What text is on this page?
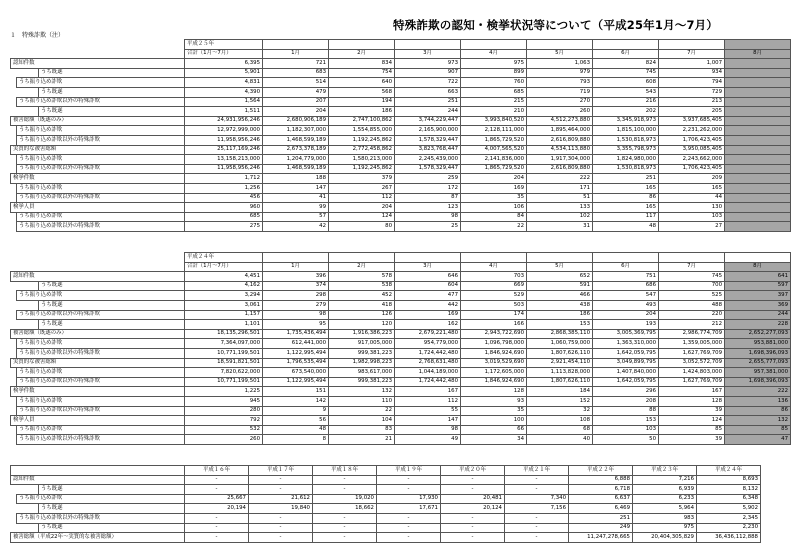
特殊詐欺の認知・検挙状況等について（平成25年1月～7月）
１　特殊詐欺（注）
			平成２５年								
			合計（1月～7月）	1月	2月	3月	4月	5月	6月	7月	8月
認知件数			6,395	721	834	973	975	1,063	824	1,007	
		うち既遂	5,901	683	754	907	899	979	745	934	
	うち振り込め詐欺		4,831	514	640	722	760	793	608	794	
		うち既遂	4,390	479	568	663	685	719	543	729	
	うち振り込め詐欺以外の特殊詐欺		1,564	207	194	251	215	270	216	213	
		うち既遂	1,511	204	186	244	210	260	202	205	
被害総額（既遂のみ）			24,931,956,246	2,680,906,189	2,747,100,862	3,744,229,447	3,993,840,520	4,512,273,880	3,345,918,973	3,937,685,405	
	うち振り込め詐欺		12,972,999,000	1,182,307,000	1,554,855,000	2,165,900,000	2,128,111,000	1,895,464,000	1,815,100,000	2,231,262,000	
	うち振り込め詐欺以外の特殊詐欺		11,958,956,246	1,468,599,189	1,192,245,862	1,578,329,447	1,865,729,520	2,616,809,880	1,530,818,973	1,706,423,405	
実質的な被害総額			25,117,169,246	2,673,378,189	2,772,458,862	3,823,768,447	4,007,565,520	4,534,113,880	3,355,798,973	3,950,085,405	
	うち振り込め詐欺		13,158,213,000	1,204,779,000	1,580,213,000	2,245,439,000	2,141,836,000	1,917,304,000	1,824,980,000	2,243,662,000	
	うち振り込め詐欺以外の特殊詐欺		11,958,956,246	1,468,599,189	1,192,245,862	1,578,329,447	1,865,729,520	2,616,809,880	1,530,818,973	1,706,423,405	
検挙件数			1,712	188	379	259	204	222	251	209	
	うち振り込め詐欺		1,256	147	267	172	169	171	165	165	
	うち振り込め詐欺以外の特殊詐欺		456	41	112	87	35	51	86	44	
検挙人員			960	99	204	123	106	133	165	130	
	うち振り込め詐欺		685	57	124	98	84	102	117	103	
	うち振り込め詐欺以外の特殊詐欺		275	42	80	25	22	31	48	27	
			平成２４年								
			合計（1月～7月）	1月	2月	3月	4月	5月	6月	7月	8月
認知件数			4,451	396	578	646	703	652	751	745	641
		うち既遂	4,162	374	538	604	669	591	686	700	597
	うち振り込め詐欺		3,294	298	452	477	529	466	547	525	397
		うち既遂	3,061	279	418	442	503	438	493	488	369
	うち振り込め詐欺以外の特殊詐欺		1,157	98	126	169	174	186	204	220	244
		うち既遂	1,101	95	120	162	166	153	193	212	228
被害総額（既遂のみ）			18,135,296,501	1,735,436,494	1,916,386,223	2,679,221,480	2,943,722,690	2,868,385,110	3,005,369,795	2,986,774,709	2,652,277,093
	うち振り込め詐欺		7,364,097,000	612,441,000	917,005,000	954,779,000	1,096,798,000	1,060,759,000	1,363,310,000	1,359,005,000	953,881,000
	うち振り込め詐欺以外の特殊詐欺		10,771,199,501	1,122,995,494	999,381,223	1,724,442,480	1,846,924,690	1,807,626,110	1,642,059,795	1,627,769,709	1,698,396,093
実質的な被害総額			18,591,821,501	1,796,535,494	1,982,998,223	2,768,631,480	3,019,529,690	2,921,454,110	3,049,899,795	3,052,572,709	2,655,777,093
	うち振り込め詐欺		7,820,622,000	673,540,000	983,617,000	1,044,189,000	1,172,605,000	1,113,828,000	1,407,840,000	1,424,803,000	957,381,000
	うち振り込め詐欺以外の特殊詐欺		10,771,199,501	1,122,995,494	999,381,223	1,724,442,480	1,846,924,690	1,807,626,110	1,642,059,795	1,627,769,709	1,698,396,093
検挙件数			1,225	151	132	167	128	184	296	167	222
	うち振り込め詐欺		945	142	110	112	93	152	208	128	136
	うち振り込め詐欺以外の特殊詐欺		280	9	22	55	35	32	88	39	86
検挙人員			792	56	104	147	100	108	153	124	132
	うち振り込め詐欺		532	48	83	98	66	68	103	85	85
	うち振り込め詐欺以外の特殊詐欺		260	8	21	49	34	40	50	39	47
			平成１６年	平成１７年	平成１８年	平成１９年	平成２０年	平成２１年	平成２２年	平成２３年	平成２４年
認知件数			-	-	-	-	-	-	6,888	7,216	8,693
		うち既遂	-	-	-	-	-	-	6,718	6,939	8,132
	うち振り込め詐欺		25,667	21,612	19,020	17,930	20,481	7,340	6,637	6,233	6,348
		うち既遂	20,194	19,840	18,662	17,671	20,124	7,156	6,469	5,964	5,902
	うち振り込め詐欺以外の特殊詐欺		-	-	-	-	-	-	251	983	2,345
		うち既遂	-	-	-	-	-	-	249	975	2,230
被害総額（平成22年～実質的な被害総額）			-	-	-	-	-	-	11,247,278,665	20,404,305,829	36,436,112,888
